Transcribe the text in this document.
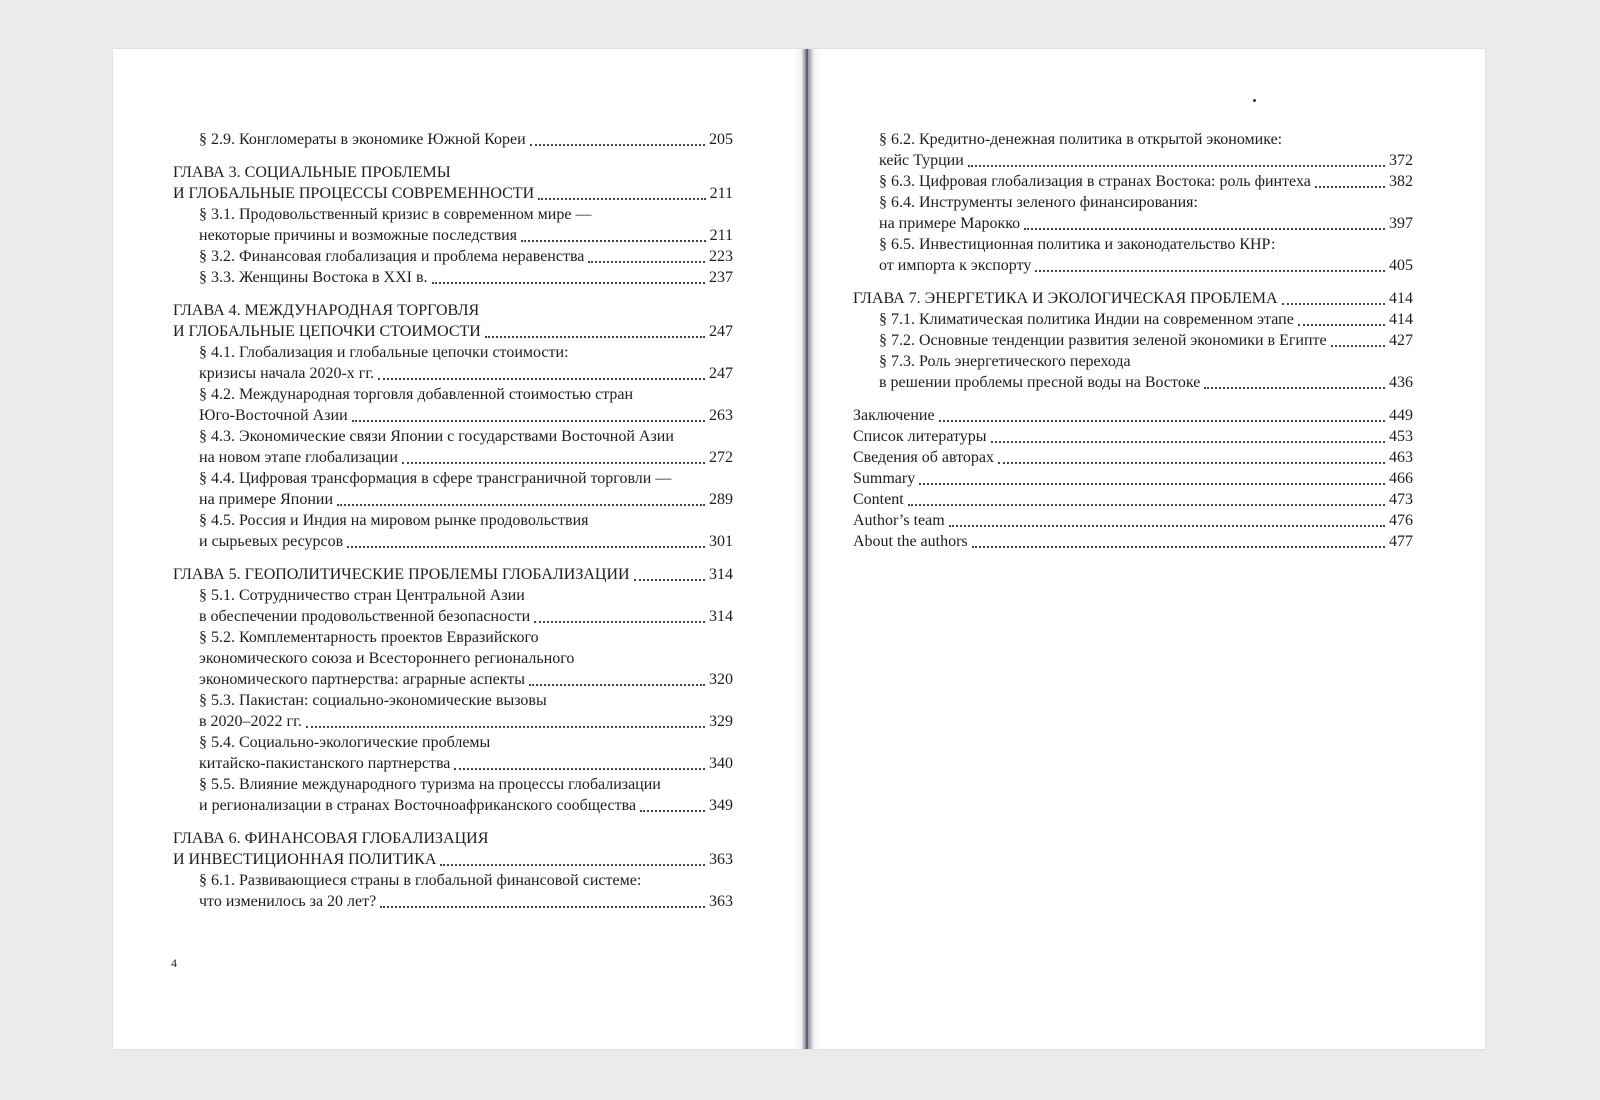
§ 2.9. Конгломераты в экономике Южной Кореи	205
ГЛАВА 3. СОЦИАЛЬНЫЕ ПРОБЛЕМЫ
И ГЛОБАЛЬНЫЕ ПРОЦЕССЫ СОВРЕМЕННОСТИ	211
§ 3.1. Продовольственный кризис в современном мире —
некоторые причины и возможные последствия	211
§ 3.2. Финансовая глобализация и проблема неравенства	223
§ 3.3. Женщины Востока в XXI в.	237
ГЛАВА 4. МЕЖДУНАРОДНАЯ ТОРГОВЛЯ
И ГЛОБАЛЬНЫЕ ЦЕПОЧКИ СТОИМОСТИ	247
§ 4.1. Глобализация и глобальные цепочки стоимости:
кризисы начала 2020-х гг.	247
§ 4.2. Международная торговля добавленной стоимостью стран
Юго-Восточной Азии	263
§ 4.3. Экономические связи Японии с государствами Восточной Азии
на новом этапе глобализации	272
§ 4.4. Цифровая трансформация в сфере трансграничной торговли —
на примере Японии	289
§ 4.5. Россия и Индия на мировом рынке продовольствия
и сырьевых ресурсов	301
ГЛАВА 5. ГЕОПОЛИТИЧЕСКИЕ ПРОБЛЕМЫ ГЛОБАЛИЗАЦИИ	314
§ 5.1. Сотрудничество стран Центральной Азии
в обеспечении продовольственной безопасности	314
§ 5.2. Комплементарность проектов Евразийского
экономического союза и Всестороннего регионального
экономического партнерства: аграрные аспекты	320
§ 5.3. Пакистан: социально-экономические вызовы
в 2020–2022 гг.	329
§ 5.4. Социально-экологические проблемы
китайско-пакистанского партнерства	340
§ 5.5. Влияние международного туризма на процессы глобализации
и регионализации в странах Восточноафриканского сообщества	349
ГЛАВА 6. ФИНАНСОВАЯ ГЛОБАЛИЗАЦИЯ
И ИНВЕСТИЦИОННАЯ ПОЛИТИКА	363
§ 6.1. Развивающиеся страны в глобальной финансовой системе:
что изменилось за 20 лет?	363
4
§ 6.2. Кредитно-денежная политика в открытой экономике:
кейс Турции	372
§ 6.3. Цифровая глобализация в странах Востока: роль финтеха	382
§ 6.4. Инструменты зеленого финансирования:
на примере Марокко	397
§ 6.5. Инвестиционная политика и законодательство КНР:
от импорта к экспорту	405
ГЛАВА 7. ЭНЕРГЕТИКА И ЭКОЛОГИЧЕСКАЯ ПРОБЛЕМА	414
§ 7.1. Климатическая политика Индии на современном этапе	414
§ 7.2. Основные тенденции развития зеленой экономики в Египте	427
§ 7.3. Роль энергетического перехода
в решении проблемы пресной воды на Востоке	436
Заключение	449
Список литературы	453
Сведения об авторах	463
Summary	466
Content	473
Author’s team	476
About the authors	477
